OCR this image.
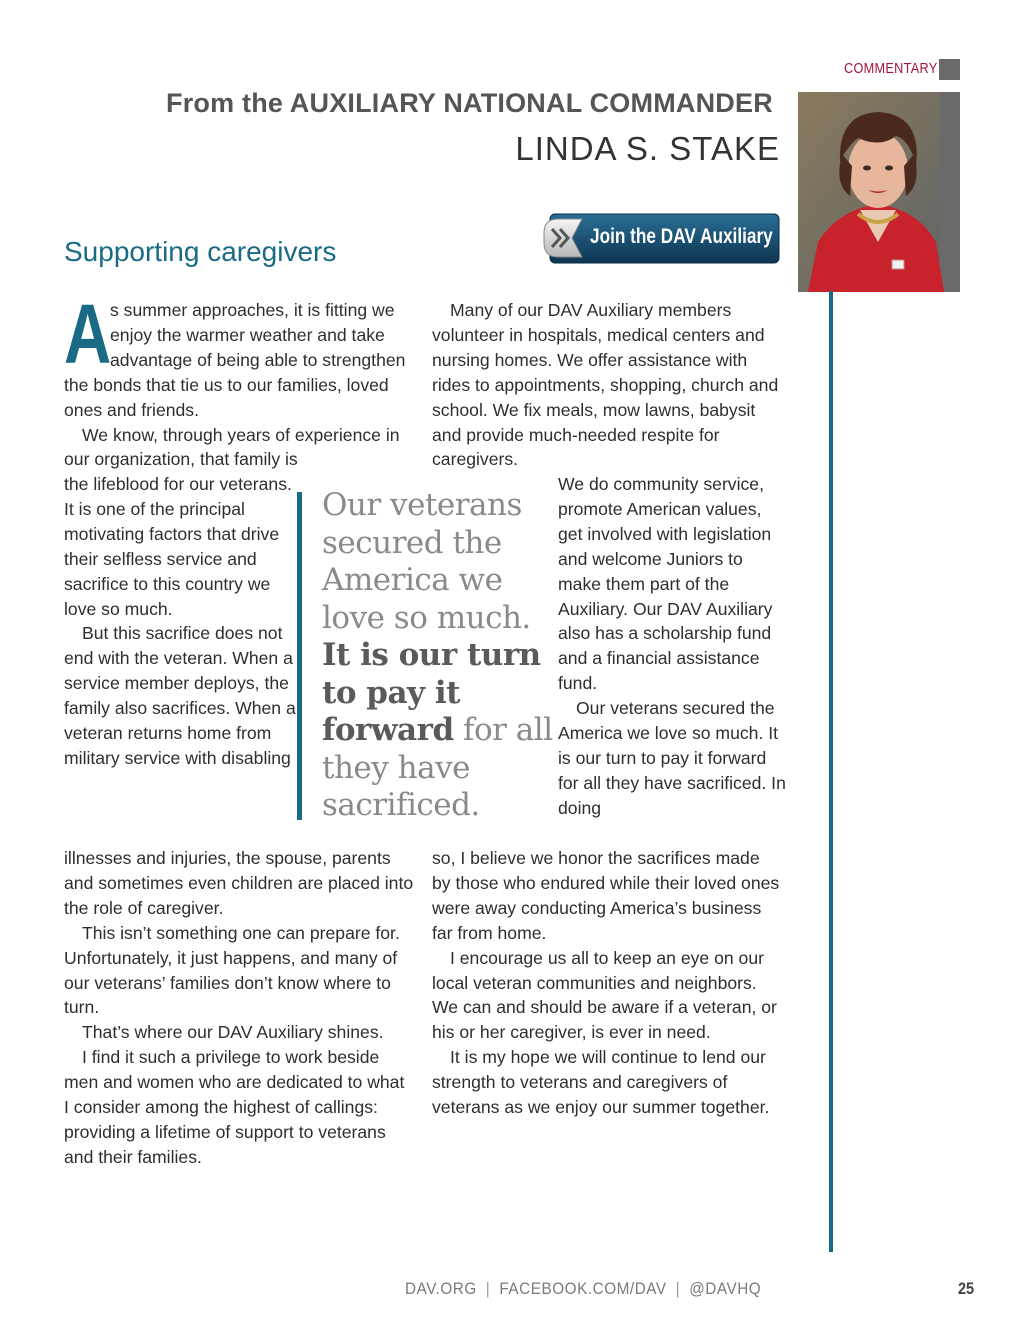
COMMENTARY
From the AUXILIARY NATIONAL COMMANDER
LINDA S. STAKE
Join the DAV Auxiliary
Supporting caregivers

A
s summer approaches, it is fitting we enjoy the warmer weather and take advantage of being able to strengthen the bonds that tie us to our families, loved ones and friends.

We know, through years of experience in our organization, that family is

the lifeblood for our veterans. It is one of the principal motivating factors that drive their selfless service and sacrifice to this country we love so much.

But this sacrifice does not end with the veteran. When a service member deploys, the family also sacrifices. When a veteran returns home from military service with disabling

illnesses and injuries, the spouse, parents and sometimes even children are placed into the role of caregiver.

This isn’t something one can prepare for. Unfortunately, it just happens, and many of our veterans’ families don’t know where to turn.

That’s where our DAV Auxiliary shines.

I find it such a privilege to work beside men and women who are dedicated to what I consider among the highest of callings: providing a lifetime of support to veterans and their families.

Our veterans secured the America we love so much. It is our turn to pay it forward for all they have sacrificed.

Many of our DAV Auxiliary members volunteer in hospitals, medical centers and nursing homes. We offer assistance with rides to appointments, shopping, church and school. We fix meals, mow lawns, babysit and provide much-needed respite for caregivers.

We do community service, promote American values, get involved with legislation and welcome Juniors to make them part of the Auxiliary. Our DAV Auxiliary also has a scholarship fund and a financial assistance fund.

Our veterans secured the America we love so much. It is our turn to pay it forward for all they have sacrificed. In doing

so, I believe we honor the sacrifices made by those who endured while their loved ones were away conducting America’s business far from home.

I encourage us all to keep an eye on our local veteran communities and neighbors. We can and should be aware if a veteran, or his or her caregiver, is ever in need.

It is my hope we will continue to lend our strength to veterans and caregivers of veterans as we enjoy our summer together.

DAV.ORG | FACEBOOK.COM/DAV | @DAVHQ	25
